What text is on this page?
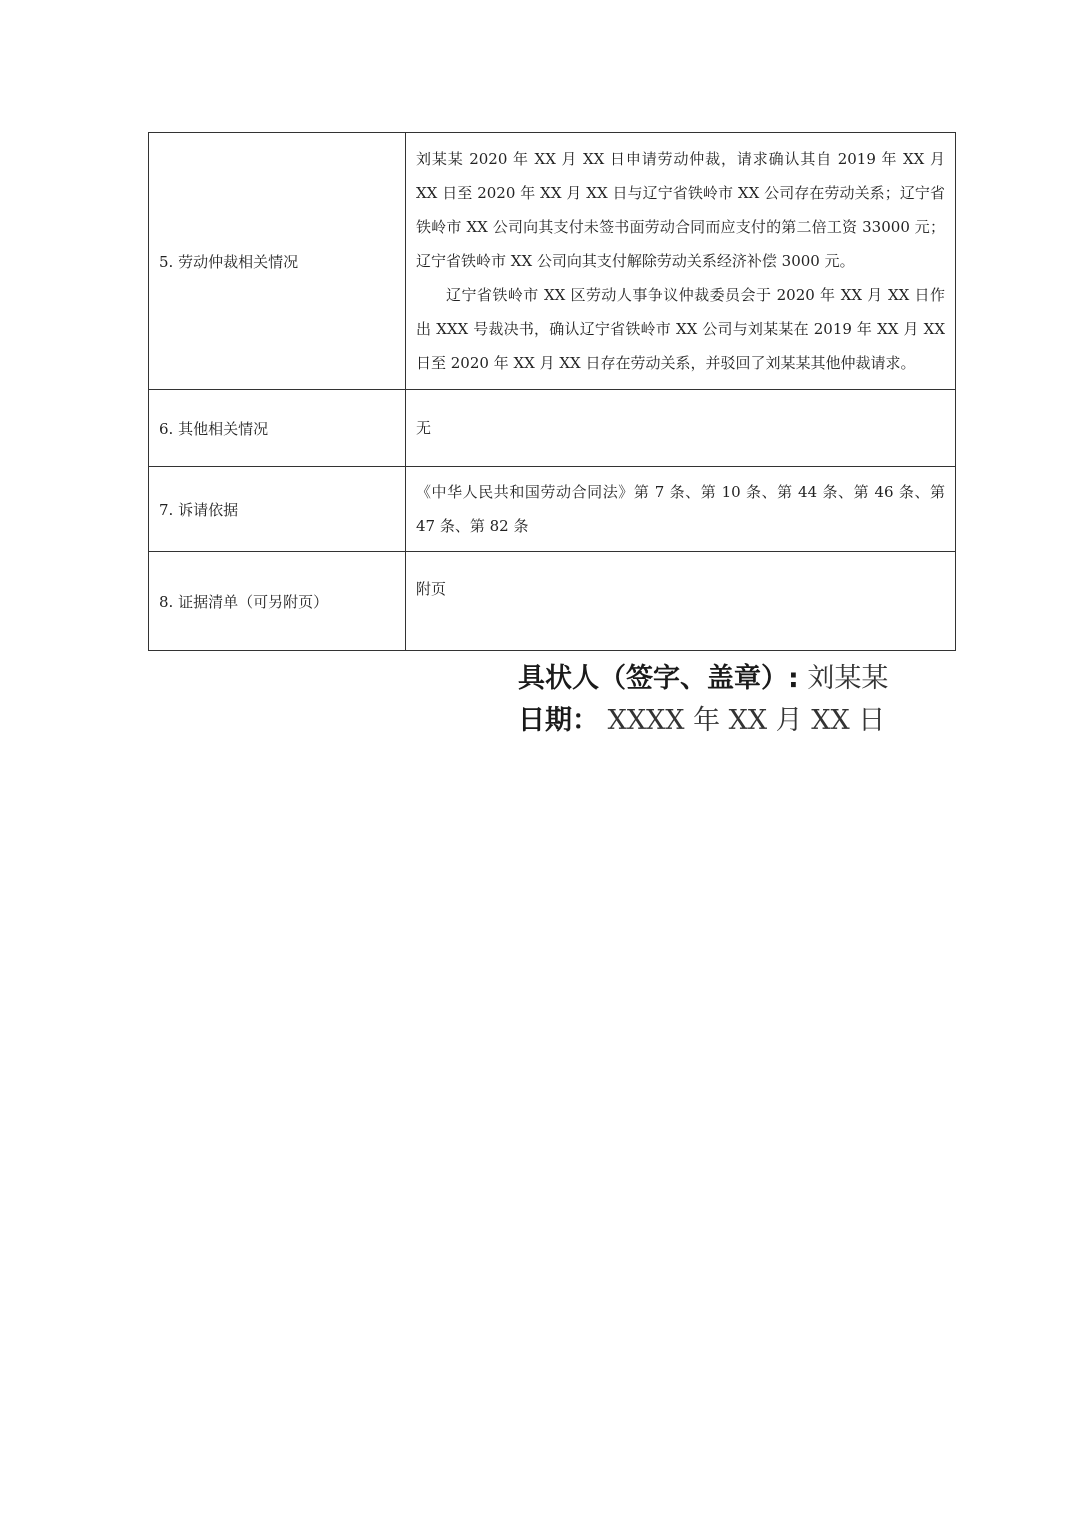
5. 劳动仲裁相关情况	刘某某 2020 年 XX 月 XX 日申请劳动仲裁，请求确认其自 2019 年 XX 月 XX 日至 2020 年 XX 月 XX 日与辽宁省铁岭市 XX 公司存在劳动关系；辽宁省铁岭市 XX 公司向其支付未签书面劳动合同而应支付的第二倍工资 33000 元；辽宁省铁岭市 XX 公司向其支付解除劳动关系经济补偿 3000 元。

辽宁省铁岭市 XX 区劳动人事争议仲裁委员会于 2020 年 XX 月 XX 日作出 XXX 号裁决书，确认辽宁省铁岭市 XX 公司与刘某某在 2019 年 XX 月 XX 日至 2020 年 XX 月 XX 日存在劳动关系，并驳回了刘某某其他仲裁请求。

6. 其他相关情况	无
7. 诉请依据	《中华人民共和国劳动合同法》第 7 条、第 10 条、第 44 条、第 46 条、第 47 条、第 82 条
8. 证据清单（可另附页）	附页
具状人（签字、盖章）: 刘某某
日期： XXXX 年 XX 月 XX 日
